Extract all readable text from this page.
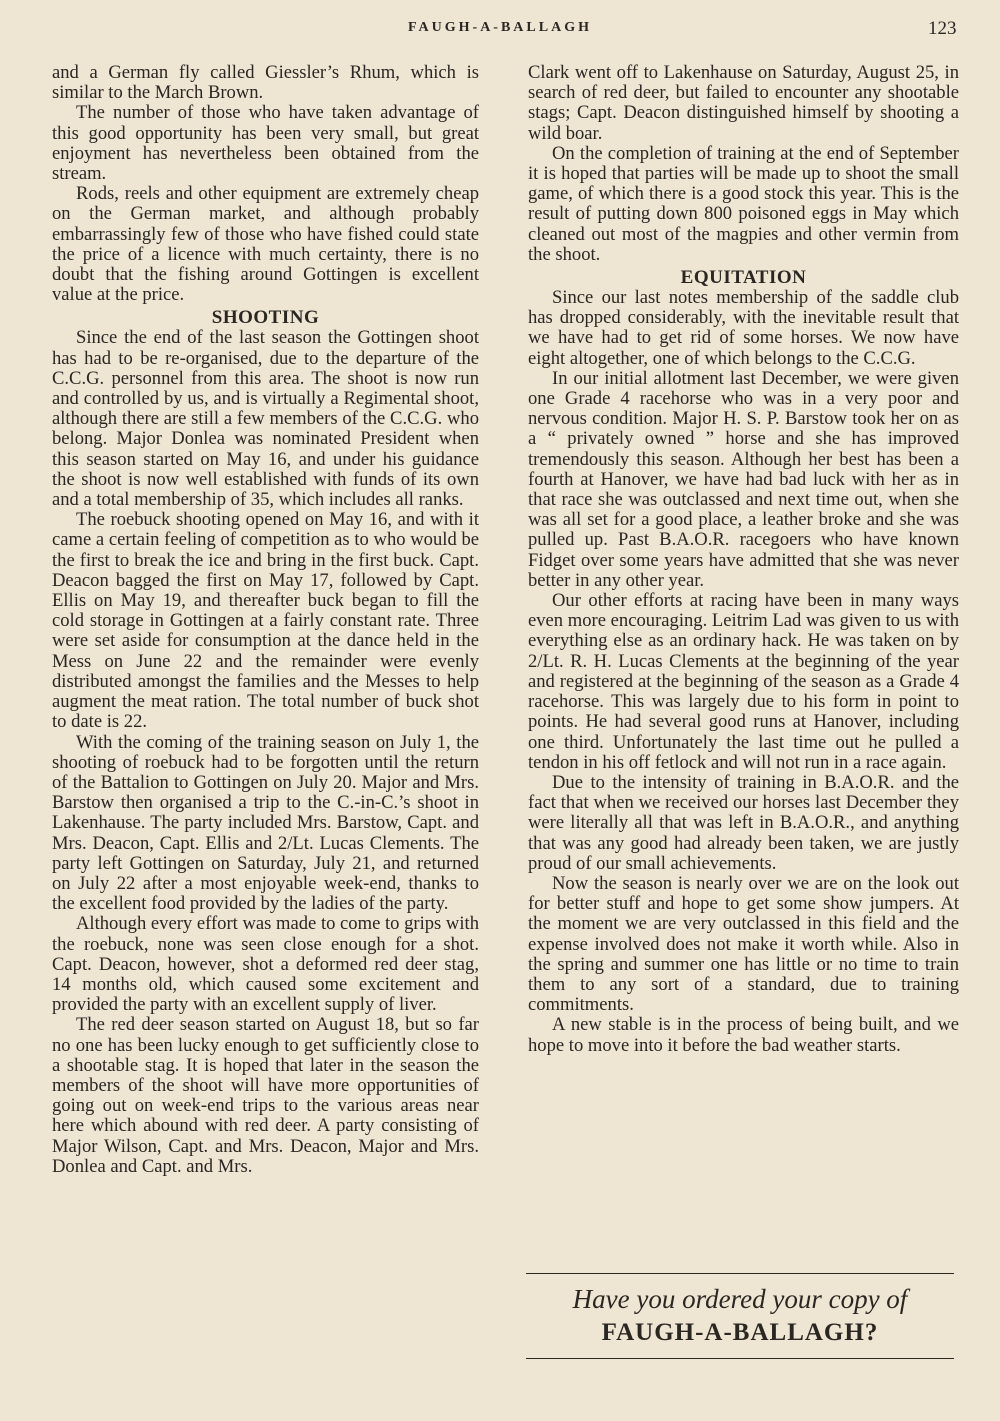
FAUGH-A-BALLAGH	123

and a German fly called Giessler’s Rhum, which is similar to the March Brown.

The number of those who have taken advantage of this good opportunity has been very small, but great enjoyment has nevertheless been obtained from the stream.

Rods, reels and other equipment are extremely cheap on the German market, and although probably embarrassingly few of those who have fished could state the price of a licence with much certainty, there is no doubt that the fishing around Gottingen is excellent value at the price.

SHOOTING

Since the end of the last season the Gottingen shoot has had to be re-organised, due to the departure of the C.C.G. personnel from this area. The shoot is now run and controlled by us, and is virtually a Regimental shoot, although there are still a few members of the C.C.G. who belong. Major Donlea was nominated President when this season started on May 16, and under his guidance the shoot is now well established with funds of its own and a total membership of 35, which includes all ranks.

The roebuck shooting opened on May 16, and with it came a certain feeling of competition as to who would be the first to break the ice and bring in the first buck. Capt. Deacon bagged the first on May 17, followed by Capt. Ellis on May 19, and thereafter buck began to fill the cold storage in Gottingen at a fairly constant rate. Three were set aside for consumption at the dance held in the Mess on June 22 and the remainder were evenly distributed amongst the families and the Messes to help augment the meat ration. The total number of buck shot to date is 22.

With the coming of the training season on July 1, the shooting of roebuck had to be forgotten until the return of the Battalion to Gottingen on July 20. Major and Mrs. Barstow then organised a trip to the C.-in-C.’s shoot in Lakenhause. The party included Mrs. Barstow, Capt. and Mrs. Deacon, Capt. Ellis and 2/Lt. Lucas Clements. The party left Gottingen on Saturday, July 21, and returned on July 22 after a most enjoyable week-end, thanks to the excellent food provided by the ladies of the party.

Although every effort was made to come to grips with the roebuck, none was seen close enough for a shot. Capt. Deacon, however, shot a deformed red deer stag, 14 months old, which caused some excitement and provided the party with an excellent supply of liver.

The red deer season started on August 18, but so far no one has been lucky enough to get sufficiently close to a shootable stag. It is hoped that later in the season the members of the shoot will have more opportunities of going out on week-end trips to the various areas near here which abound with red deer. A party consisting of Major Wilson, Capt. and Mrs. Deacon, Major and Mrs. Donlea and Capt. and Mrs.

Clark went off to Lakenhause on Saturday, August 25, in search of red deer, but failed to encounter any shootable stags; Capt. Deacon distinguished himself by shooting a wild boar.

On the completion of training at the end of September it is hoped that parties will be made up to shoot the small game, of which there is a good stock this year. This is the result of putting down 800 poisoned eggs in May which cleaned out most of the magpies and other vermin from the shoot.

EQUITATION

Since our last notes membership of the saddle club has dropped considerably, with the inevitable result that we have had to get rid of some horses. We now have eight altogether, one of which belongs to the C.C.G.

In our initial allotment last December, we were given one Grade 4 racehorse who was in a very poor and nervous condition. Major H. S. P. Barstow took her on as a “ privately owned ” horse and she has improved tremendously this season. Although her best has been a fourth at Hanover, we have had bad luck with her as in that race she was outclassed and next time out, when she was all set for a good place, a leather broke and she was pulled up. Past B.A.O.R. racegoers who have known Fidget over some years have admitted that she was never better in any other year.

Our other efforts at racing have been in many ways even more encouraging. Leitrim Lad was given to us with everything else as an ordinary hack. He was taken on by 2/Lt. R. H. Lucas Clements at the beginning of the year and registered at the beginning of the season as a Grade 4 racehorse. This was largely due to his form in point to points. He had several good runs at Hanover, including one third. Unfortunately the last time out he pulled a tendon in his off fetlock and will not run in a race again.

Due to the intensity of training in B.A.O.R. and the fact that when we received our horses last December they were literally all that was left in B.A.O.R., and anything that was any good had already been taken, we are justly proud of our small achievements.

Now the season is nearly over we are on the look out for better stuff and hope to get some show jumpers. At the moment we are very outclassed in this field and the expense involved does not make it worth while. Also in the spring and summer one has little or no time to train them to any sort of a standard, due to training commitments.

A new stable is in the process of being built, and we hope to move into it before the bad weather starts.

Have you ordered your copy of
FAUGH-A-BALLAGH?
